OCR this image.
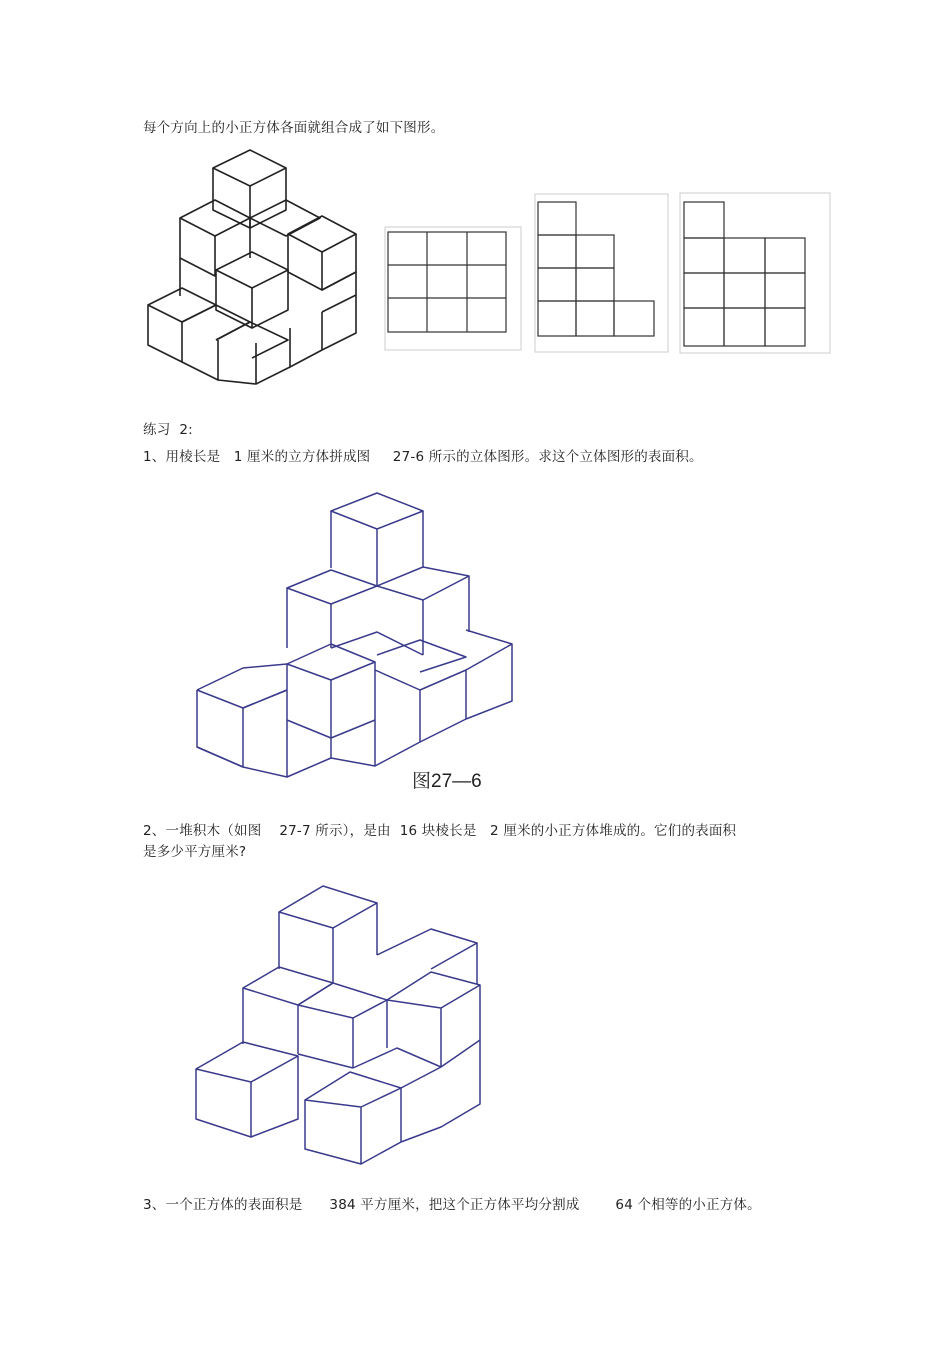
每个方向上的小正方体各面就组合成了如下图形。
练习  2:
1、用棱长是   1 厘米的立方体拼成图     27-6 所示的立体图形。求这个立体图形的表面积。
图27—6
2、一堆积木（如图    27-7 所示），是由  16 块棱长是   2 厘米的小正方体堆成的。它们的表面积
是多少平方厘米?
3、一个正方体的表面积是      384 平方厘米，把这个正方体平均分割成        64 个相等的小正方体。
